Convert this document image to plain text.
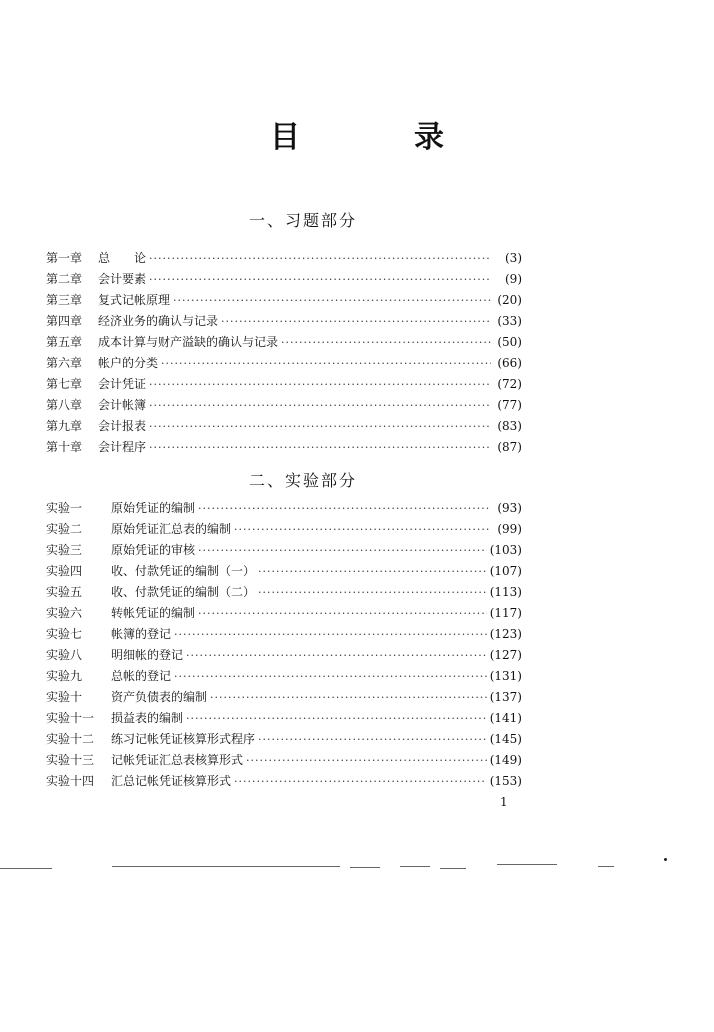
目　录
一、习题部分
第一章	总　　论 ·····	(3)
第二章	会计要素 ·····	(9)
第三章	复式记帐原理 ·····	(20)
第四章	经济业务的确认与记录 ·····	(33)
第五章	成本计算与财产溢缺的确认与记录 ·····	(50)
第六章	帐户的分类 ·····	(66)
第七章	会计凭证 ·····	(72)
第八章	会计帐簿 ·····	(77)
第九章	会计报表 ·····	(83)
第十章	会计程序 ·····	(87)
二、实验部分
实验一	原始凭证的编制 ·····	(93)
实验二	原始凭证汇总表的编制 ·····	(99)
实验三	原始凭证的审核 ·····	(103)
实验四	收、付款凭证的编制（一） ·····	(107)
实验五	收、付款凭证的编制（二） ·····	(113)
实验六	转帐凭证的编制 ·····	(117)
实验七	帐簿的登记 ·····	(123)
实验八	明细帐的登记 ·····	(127)
实验九	总帐的登记 ·····	(131)
实验十	资产负债表的编制 ·····	(137)
实验十一	损益表的编制 ·····	(141)
实验十二	练习记帐凭证核算形式程序 ·····	(145)
实验十三	记帐凭证汇总表核算形式 ·····	(149)
实验十四	汇总记帐凭证核算形式 ·····	(153)
1
